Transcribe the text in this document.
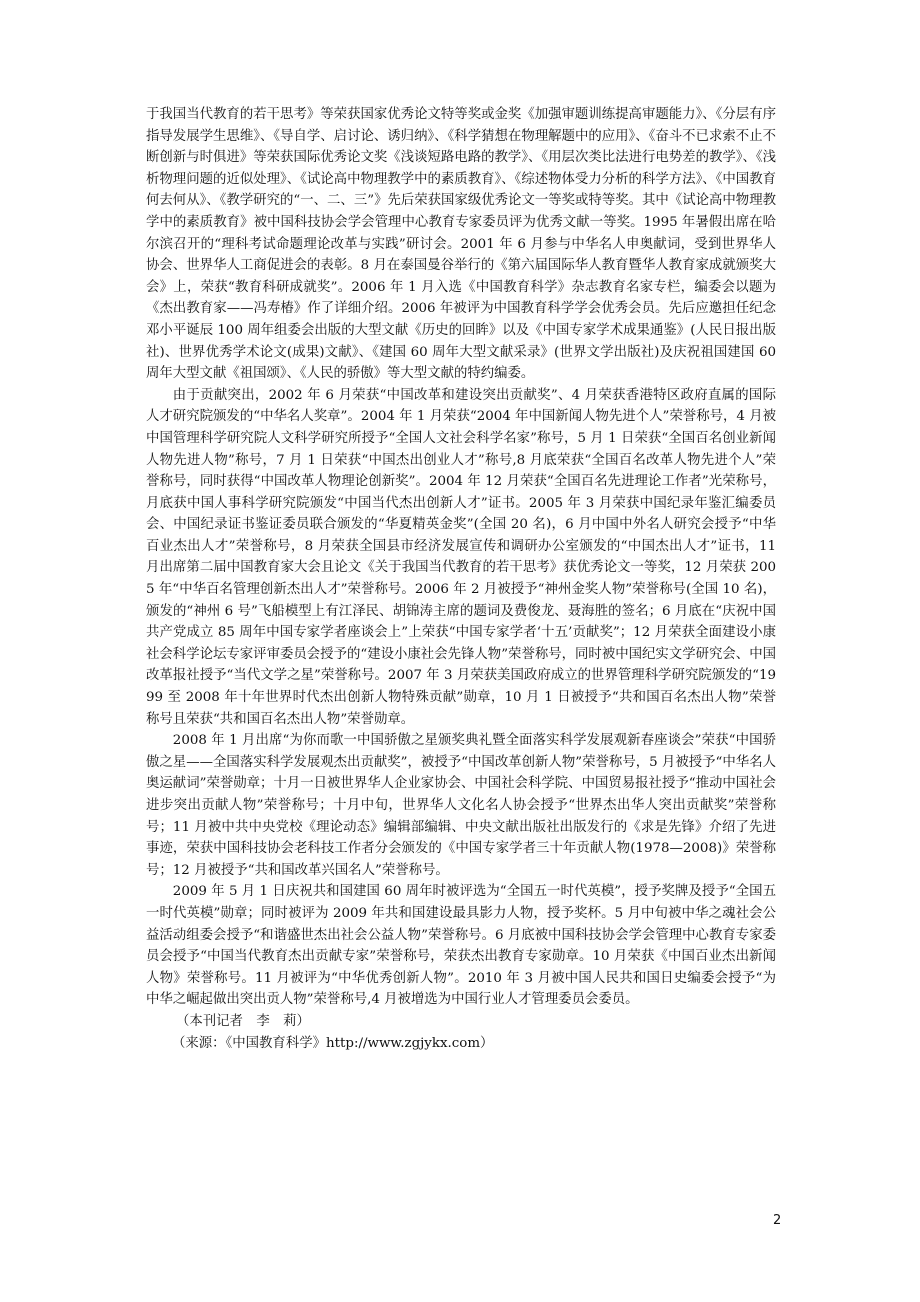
于我国当代教育的若干思考》等荣获国家优秀论文特等奖或金奖《加强审题训练提高审题能力》、《分层有序指导发展学生思维》、《导自学、启讨论、诱归纳》、《科学猜想在物理解题中的应用》、《奋斗不已求索不止不断创新与时俱进》等荣获国际优秀论文奖《浅谈短路电路的教学》、《用层次类比法进行电势差的教学》、《浅析物理问题的近似处理》、《试论高中物理教学中的素质教育》、《综述物体受力分析的科学方法》、《中国教育何去何从》、《教学研究的“一、二、三”》先后荣获国家级优秀论文一等奖或特等奖。其中《试论高中物理教学中的素质教育》被中国科技协会学会管理中心教育专家委员评为优秀文献一等奖。1995 年暑假出席在哈尔滨召开的“理科考试命题理论改革与实践”研讨会。2001 年 6 月参与中华名人申奥献词，受到世界华人协会、世界华人工商促进会的表彰。8 月在泰国曼谷举行的《第六届国际华人教育暨华人教育家成就颁奖大会》上，荣获“教育科研成就奖”。2006 年 1 月入选《中国教育科学》杂志教育名家专栏，编委会以题为《杰出教育家——冯寿椿》作了详细介绍。2006 年被评为中国教育科学学会优秀会员。先后应邀担任纪念邓小平诞辰 100 周年组委会出版的大型文献《历史的回眸》以及《中国专家学术成果通鉴》(人民日报出版社)、世界优秀学术论文(成果)文献》、《建国 60 周年大型文献采录》(世界文学出版社)及庆祝祖国建国 60 周年大型文献《祖国颂》、《人民的骄傲》等大型文献的特约编委。

由于贡献突出，2002 年 6 月荣获“中国改革和建设突出贡献奖”、4 月荣获香港特区政府直属的国际人才研究院颁发的“中华名人奖章”。2004 年 1 月荣获“2004 年中国新闻人物先进个人”荣誉称号，4 月被中国管理科学研究院人文科学研究所授予“全国人文社会科学名家”称号，5 月 1 日荣获“全国百名创业新闻人物先进人物”称号，7 月 1 日荣获“中国杰出创业人才”称号,8 月底荣获“全国百名改革人物先进个人”荣誉称号，同时获得“中国改革人物理论创新奖”。2004 年 12 月荣获“全国百名先进理论工作者”光荣称号，月底获中国人事科学研究院颁发“中国当代杰出创新人才”证书。2005 年 3 月荣获中国纪录年鉴汇编委员会、中国纪录证书鉴证委员联合颁发的“华夏精英金奖”(全国 20 名)，6 月中国中外名人研究会授予“中华百业杰出人才”荣誉称号，8 月荣获全国县市经济发展宣传和调研办公室颁发的“中国杰出人才”证书，11 月出席第二届中国教育家大会且论文《关于我国当代教育的若干思考》获优秀论文一等奖，12 月荣获 2005 年“中华百名管理创新杰出人才”荣誉称号。2006 年 2 月被授予“神州金奖人物”荣誉称号(全国 10 名)，颁发的“神州 6 号”飞船模型上有江泽民、胡锦涛主席的题词及费俊龙、聂海胜的签名；6 月底在“庆祝中国共产党成立 85 周年中国专家学者座谈会上”上荣获“中国专家学者‘十五’贡献奖”；12 月荣获全面建设小康社会科学论坛专家评审委员会授予的“建设小康社会先锋人物”荣誉称号，同时被中国纪实文学研究会、中国改革报社授予“当代文学之星”荣誉称号。2007 年 3 月荣获美国政府成立的世界管理科学研究院颁发的“1999 至 2008 年十年世界时代杰出创新人物特殊贡献”勋章，10 月 1 日被授予“共和国百名杰出人物”荣誉称号且荣获“共和国百名杰出人物”荣誉勋章。

2008 年 1 月出席“为你而歌一中国骄傲之星颁奖典礼暨全面落实科学发展观新春座谈会”荣获“中国骄傲之星——全国落实科学发展观杰出贡献奖”，被授予“中国改革创新人物”荣誉称号，5 月被授予“中华名人奥运献词”荣誉勋章；十月一日被世界华人企业家协会、中国社会科学院、中国贸易报社授予“推动中国社会进步突出贡献人物”荣誉称号；十月中旬，世界华人文化名人协会授予“世界杰出华人突出贡献奖”荣誉称号；11 月被中共中央党校《理论动态》编辑部编辑、中央文献出版社出版发行的《求是先锋》介绍了先进事迹，荣获中国科技协会老科技工作者分会颁发的《中国专家学者三十年贡献人物(1978—2008)》荣誉称号；12 月被授予“共和国改革兴国名人”荣誉称号。

2009 年 5 月 1 日庆祝共和国建国 60 周年时被评选为“全国五一时代英模”，授予奖牌及授予“全国五一时代英模”勋章；同时被评为 2009 年共和国建设最具影力人物，授予奖杯。5 月中旬被中华之魂社会公益活动组委会授予“和谐盛世杰出社会公益人物”荣誉称号。6 月底被中国科技协会学会管理中心教育专家委员会授予“中国当代教育杰出贡献专家”荣誉称号，荣获杰出教育专家勋章。10 月荣获《中国百业杰出新闻人物》荣誉称号。11 月被评为“中华优秀创新人物”。2010 年 3 月被中国人民共和国日史编委会授予“为中华之崛起做出突出贡人物”荣誉称号,4 月被增选为中国行业人才管理委员会委员。

（本刊记者　李　莉）

（来源：《中国教育科学》http://www.zgjykx.com）

2
